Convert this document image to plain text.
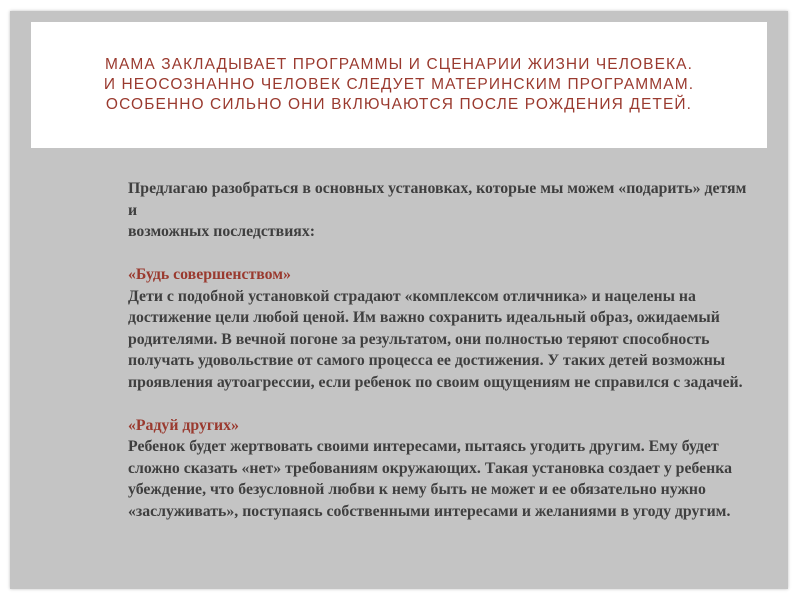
МАМА ЗАКЛАДЫВАЕТ ПРОГРАММЫ И СЦЕНАРИИ ЖИЗНИ ЧЕЛОВЕКА.
И НЕОСОЗНАННО ЧЕЛОВЕК СЛЕДУЕТ МАТЕРИНСКИМ ПРОГРАММАМ.
ОСОБЕННО СИЛЬНО ОНИ ВКЛЮЧАЮТСЯ ПОСЛЕ РОЖДЕНИЯ ДЕТЕЙ.

Предлагаю разобраться в основных установках, которые мы можем «подарить» детям и

возможных последствиях:

«Будь совершенством»

Дети с подобной установкой страдают «комплексом отличника» и нацелены на

достижение цели любой ценой. Им важно сохранить идеальный образ, ожидаемый

родителями. В вечной погоне за результатом, они полностью теряют способность

получать удовольствие от самого процесса ее достижения. У таких детей возможны

проявления аутоагрессии, если ребенок по своим ощущениям не справился с задачей.

«Радуй других»

Ребенок будет жертвовать своими интересами, пытаясь угодить другим. Ему будет

сложно сказать «нет» требованиям окружающих. Такая установка создает у ребенка

убеждение, что безусловной любви к нему быть не может и ее обязательно нужно

«заслуживать», поступаясь собственными интересами и желаниями в угоду другим.
